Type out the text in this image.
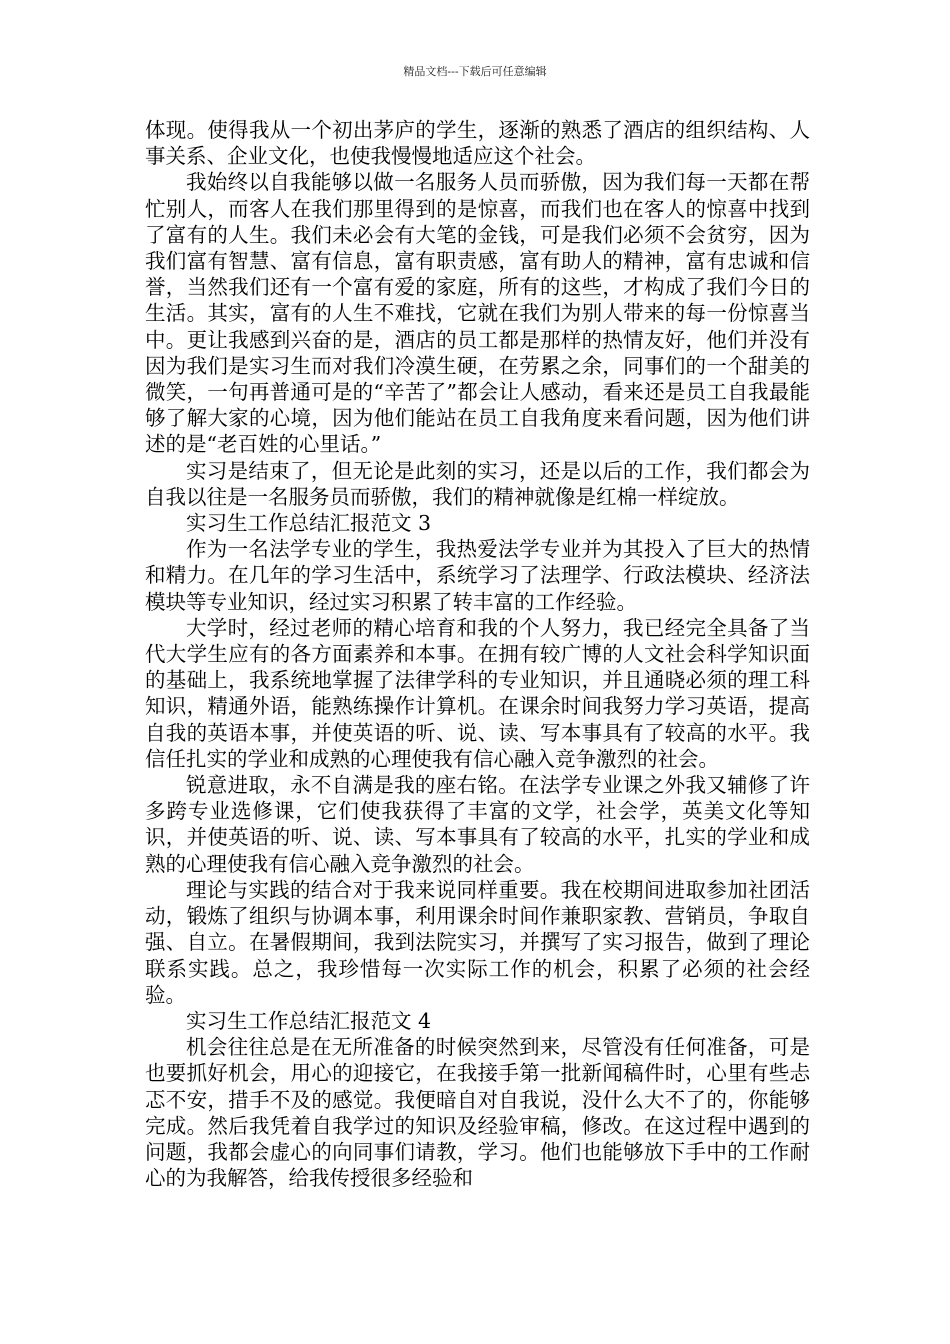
精品文档---下载后可任意编辑

体现。使得我从一个初出茅庐的学生，逐渐的熟悉了酒店的组织结构、人事关系、企业文化，也使我慢慢地适应这个社会。

我始终以自我能够以做一名服务人员而骄傲，因为我们每一天都在帮忙别人，而客人在我们那里得到的是惊喜，而我们也在客人的惊喜中找到了富有的人生。我们未必会有大笔的金钱，可是我们必须不会贫穷，因为我们富有智慧、富有信息，富有职责感，富有助人的精神，富有忠诚和信誉，当然我们还有一个富有爱的家庭，所有的这些，才构成了我们今日的生活。其实，富有的人生不难找，它就在我们为别人带来的每一份惊喜当中。更让我感到兴奋的是，酒店的员工都是那样的热情友好，他们并没有因为我们是实习生而对我们冷漠生硬，在劳累之余，同事们的一个甜美的微笑，一句再普通可是的“辛苦了”都会让人感动，看来还是员工自我最能够了解大家的心境，因为他们能站在员工自我角度来看问题，因为他们讲述的是“老百姓的心里话。”

实习是结束了，但无论是此刻的实习，还是以后的工作，我们都会为自我以往是一名服务员而骄傲，我们的精神就像是红棉一样绽放。

实习生工作总结汇报范文 3

作为一名法学专业的学生，我热爱法学专业并为其投入了巨大的热情和精力。在几年的学习生活中，系统学习了法理学、行政法模块、经济法模块等专业知识，经过实习积累了转丰富的工作经验。

大学时，经过老师的精心培育和我的个人努力，我已经完全具备了当代大学生应有的各方面素养和本事。在拥有较广博的人文社会科学知识面的基础上，我系统地掌握了法律学科的专业知识，并且通晓必须的理工科知识，精通外语，能熟练操作计算机。在课余时间我努力学习英语，提高自我的英语本事，并使英语的听、说、读、写本事具有了较高的水平。我信任扎实的学业和成熟的心理使我有信心融入竞争激烈的社会。

锐意进取，永不自满是我的座右铭。在法学专业课之外我又辅修了许多跨专业选修课，它们使我获得了丰富的文学，社会学，英美文化等知识，并使英语的听、说、读、写本事具有了较高的水平，扎实的学业和成熟的心理使我有信心融入竞争激烈的社会。

理论与实践的结合对于我来说同样重要。我在校期间进取参加社团活动，锻炼了组织与协调本事，利用课余时间作兼职家教、营销员，争取自强、自立。在暑假期间，我到法院实习，并撰写了实习报告，做到了理论联系实践。总之，我珍惜每一次实际工作的机会，积累了必须的社会经验。

实习生工作总结汇报范文 4

机会往往总是在无所准备的时候突然到来，尽管没有任何准备，可是也要抓好机会，用心的迎接它，在我接手第一批新闻稿件时，心里有些忐忑不安，措手不及的感觉。我便暗自对自我说，没什么大不了的，你能够完成。然后我凭着自我学过的知识及经验审稿，修改。在这过程中遇到的问题，我都会虚心的向同事们请教，学习。他们也能够放下手中的工作耐心的为我解答，给我传授很多经验和
